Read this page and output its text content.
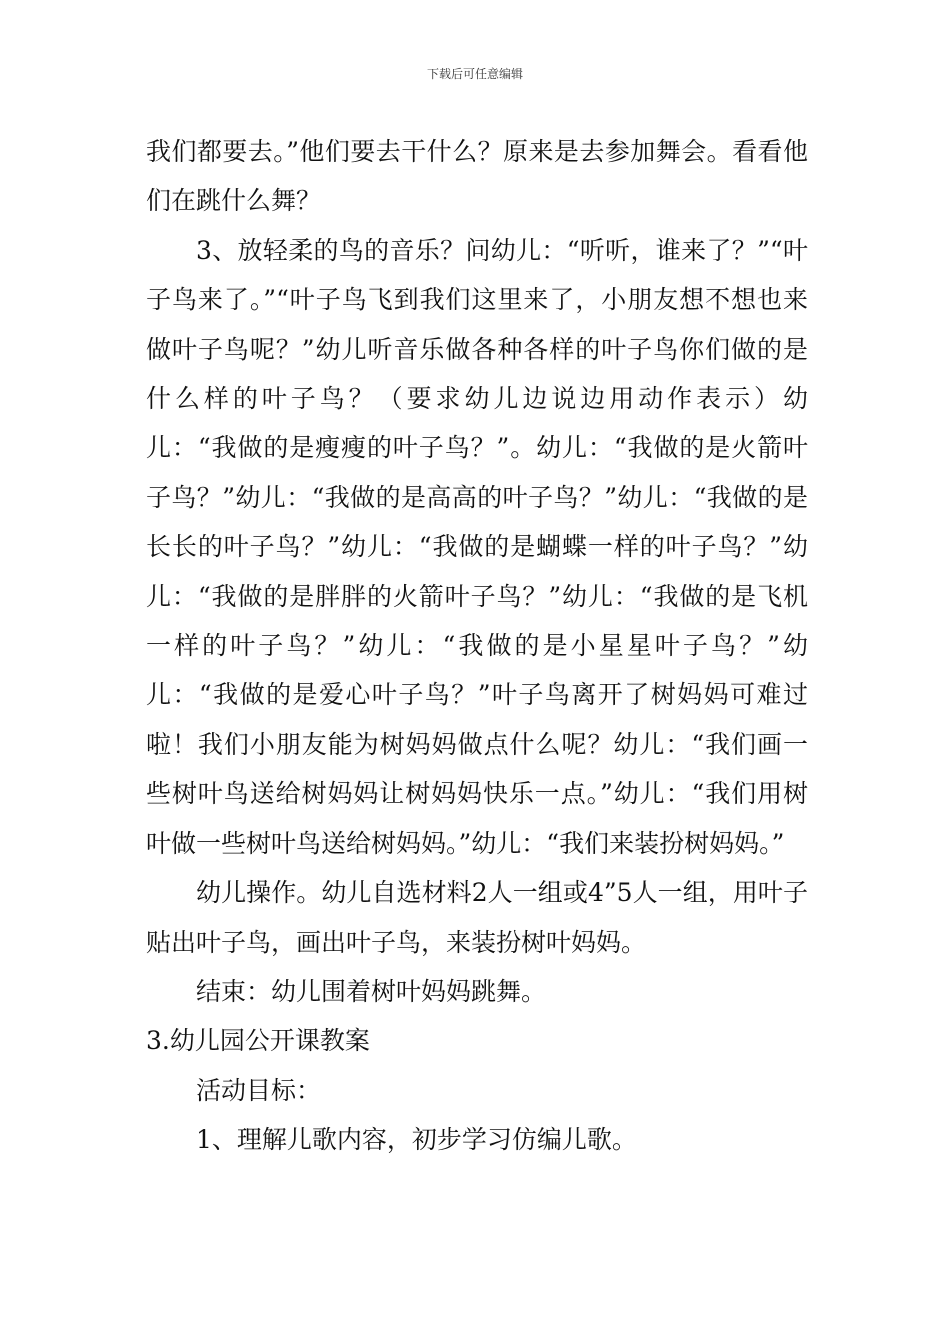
下载后可任意编辑

我们都要去。”他们要去干什么？原来是去参加舞会。看看他们在跳什么舞？

3、放轻柔的鸟的音乐？问幼儿：“听听，谁来了？”“叶子鸟来了。”“叶子鸟飞到我们这里来了，小朋友想不想也来做叶子鸟呢？”幼儿听音乐做各种各样的叶子鸟你们做的是什么样的叶子鸟？（要求幼儿边说边用动作表示）幼儿：“我做的是瘦瘦的叶子鸟？”。幼儿：“我做的是火箭叶子鸟？”幼儿：“我做的是高高的叶子鸟？”幼儿：“我做的是长长的叶子鸟？”幼儿：“我做的是蝴蝶一样的叶子鸟？”幼儿：“我做的是胖胖的火箭叶子鸟？”幼儿：“我做的是飞机一样的叶子鸟？”幼儿：“我做的是小星星叶子鸟？”幼儿：“我做的是爱心叶子鸟？”叶子鸟离开了树妈妈可难过啦！我们小朋友能为树妈妈做点什么呢？幼儿：“我们画一些树叶鸟送给树妈妈让树妈妈快乐一点。”幼儿：“我们用树叶做一些树叶鸟送给树妈妈。”幼儿：“我们来装扮树妈妈。”

幼儿操作。幼儿自选材料2人一组或4”5人一组，用叶子贴出叶子鸟，画出叶子鸟，来装扮树叶妈妈。

结束：幼儿围着树叶妈妈跳舞。

3.幼儿园公开课教案

活动目标：

1、理解儿歌内容，初步学习仿编儿歌。
